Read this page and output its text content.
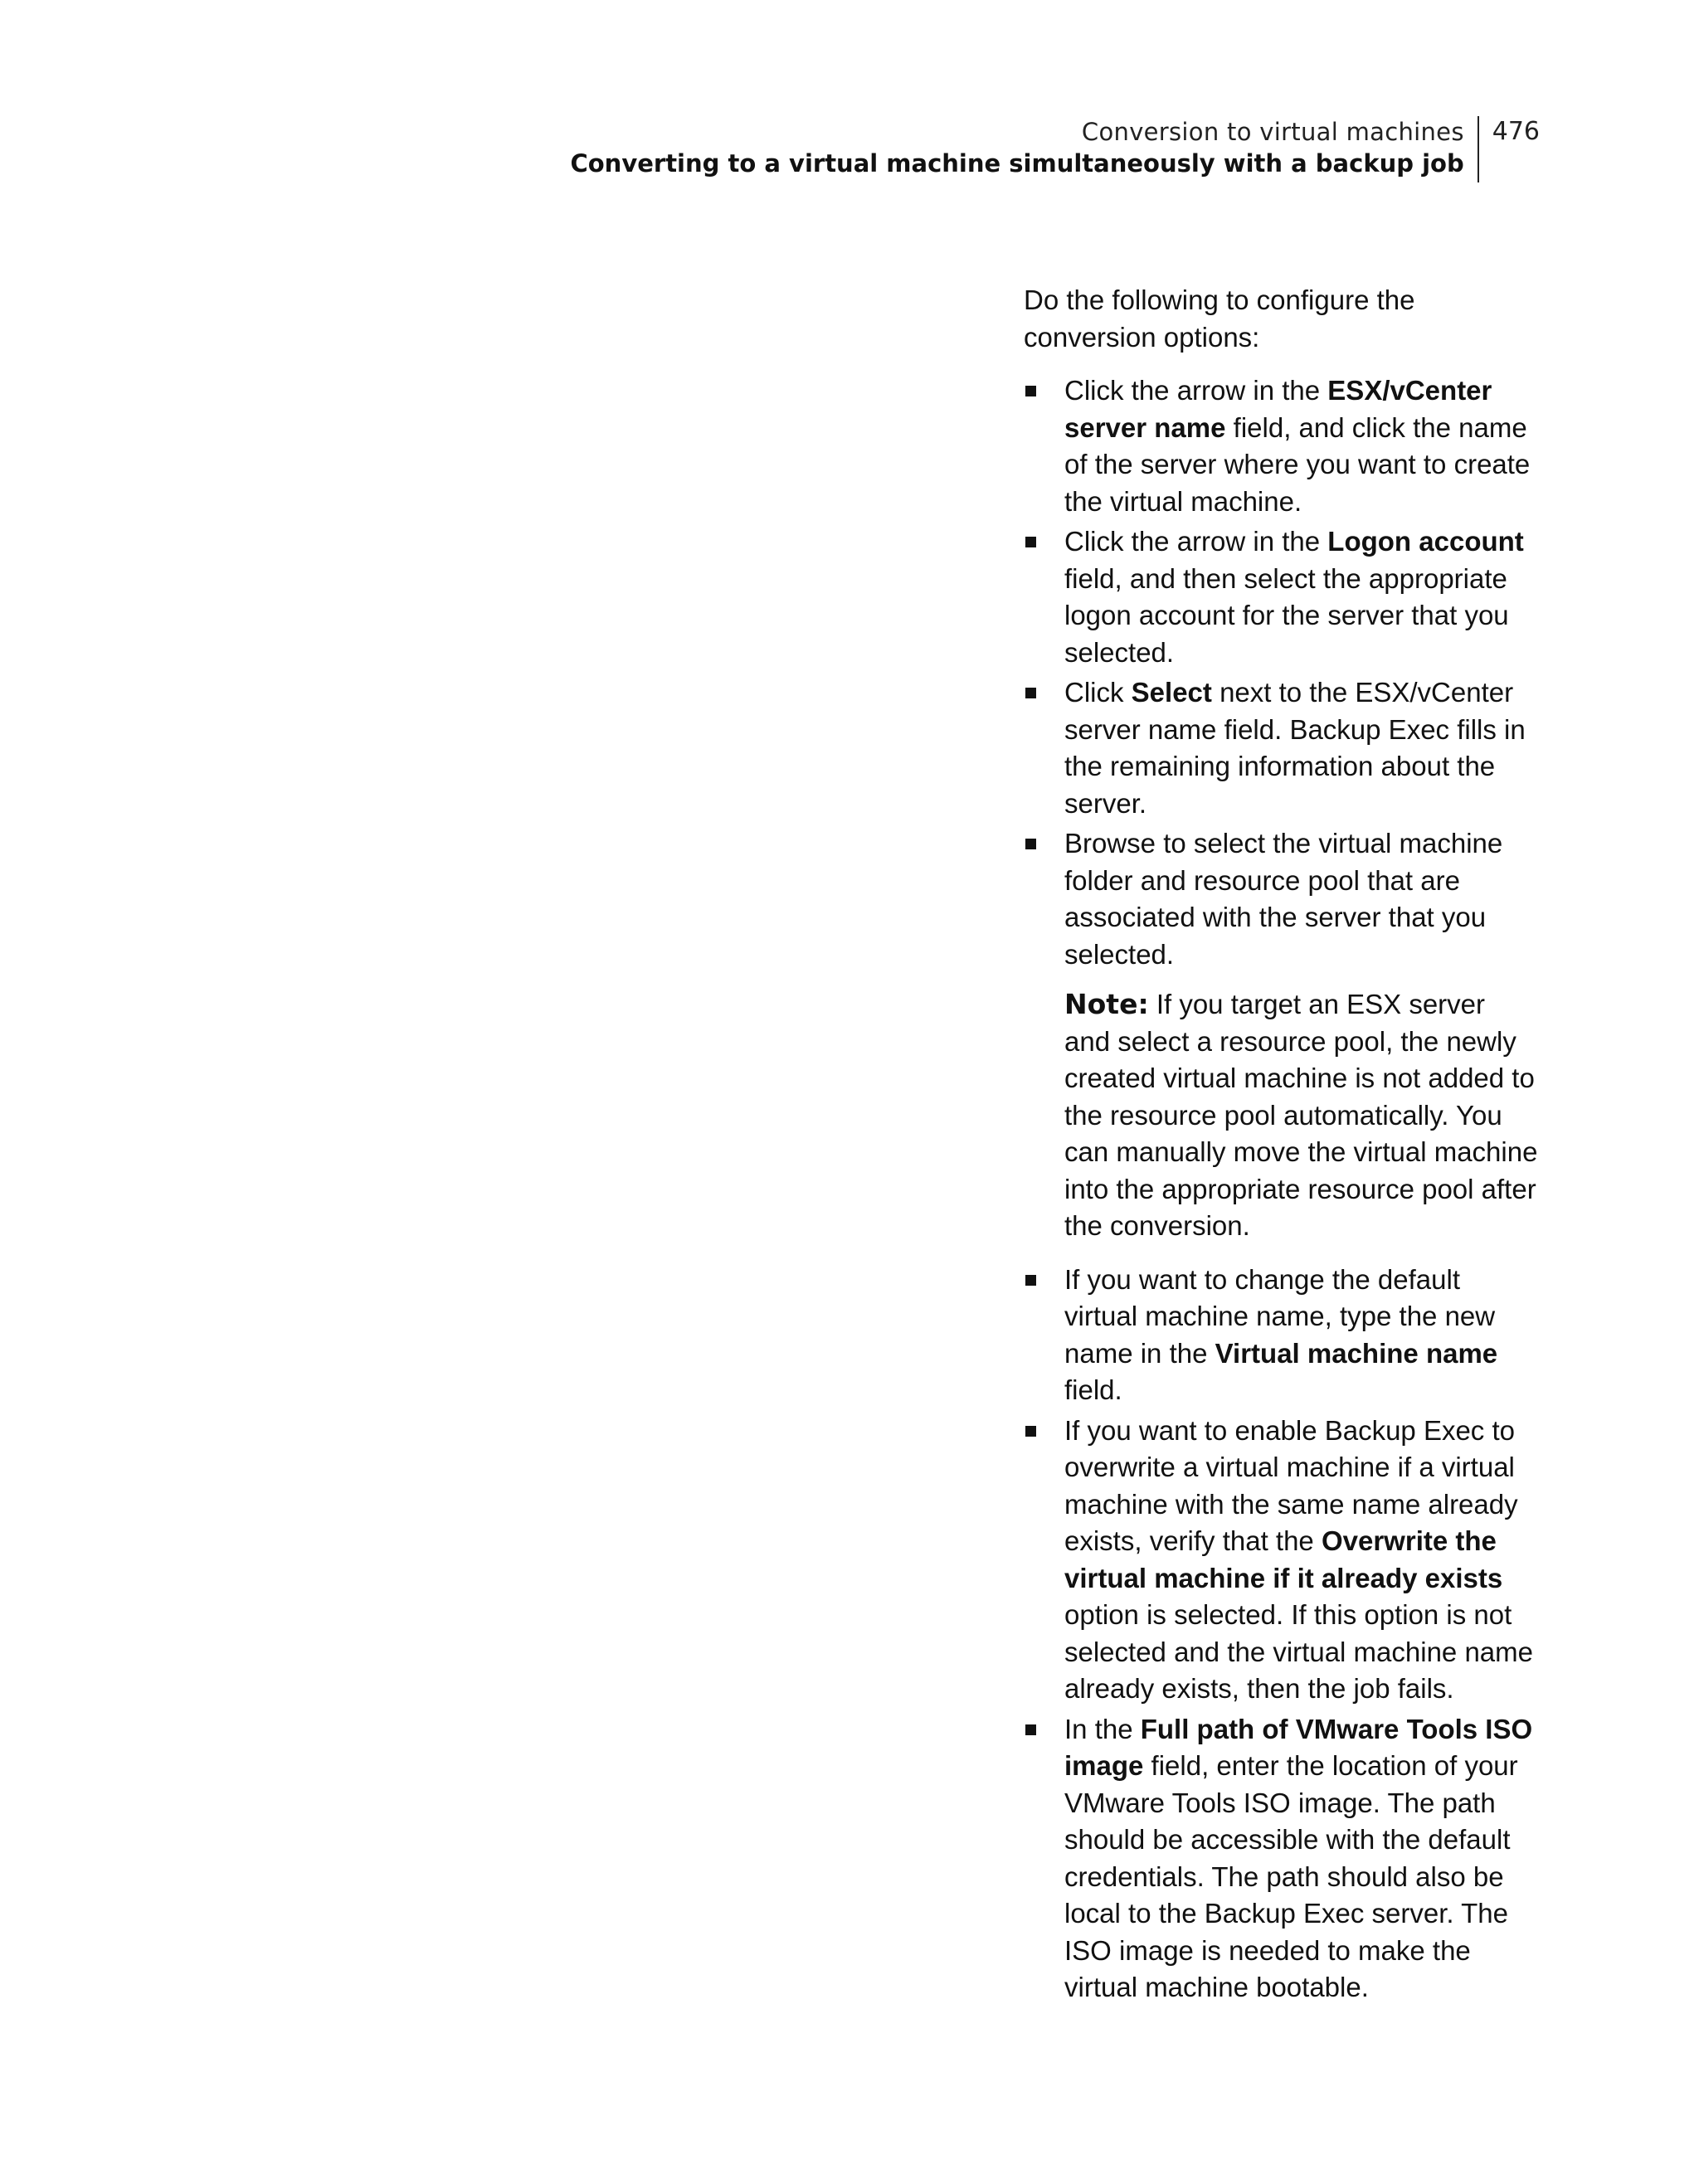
Conversion to virtual machines
Converting to a virtual machine simultaneously with a backup job
476

Do the following to configure the conversion options:

Click the arrow in the ESX/vCenter server name field, and click the name of the server where you want to create the virtual machine.
Click the arrow in the Logon account field, and then select the appropriate logon account for the server that you selected.
Click Select next to the ESX/vCenter server name field. Backup Exec fills in the remaining information about the server.
Browse to select the virtual machine folder and resource pool that are associated with the server that you selected.
Note: If you target an ESX server and select a resource pool, the newly created virtual machine is not added to the resource pool automatically. You can manually move the virtual machine into the appropriate resource pool after the conversion.
If you want to change the default virtual machine name, type the new name in the Virtual machine name field.
If you want to enable Backup Exec to overwrite a virtual machine if a virtual machine with the same name already exists, verify that the Overwrite the virtual machine if it already exists option is selected. If this option is not selected and the virtual machine name already exists, then the job fails.
In the Full path of VMware Tools ISO image field, enter the location of your VMware Tools ISO image. The path should be accessible with the default credentials. The path should also be local to the Backup Exec server. The ISO image is needed to make the virtual machine bootable.
